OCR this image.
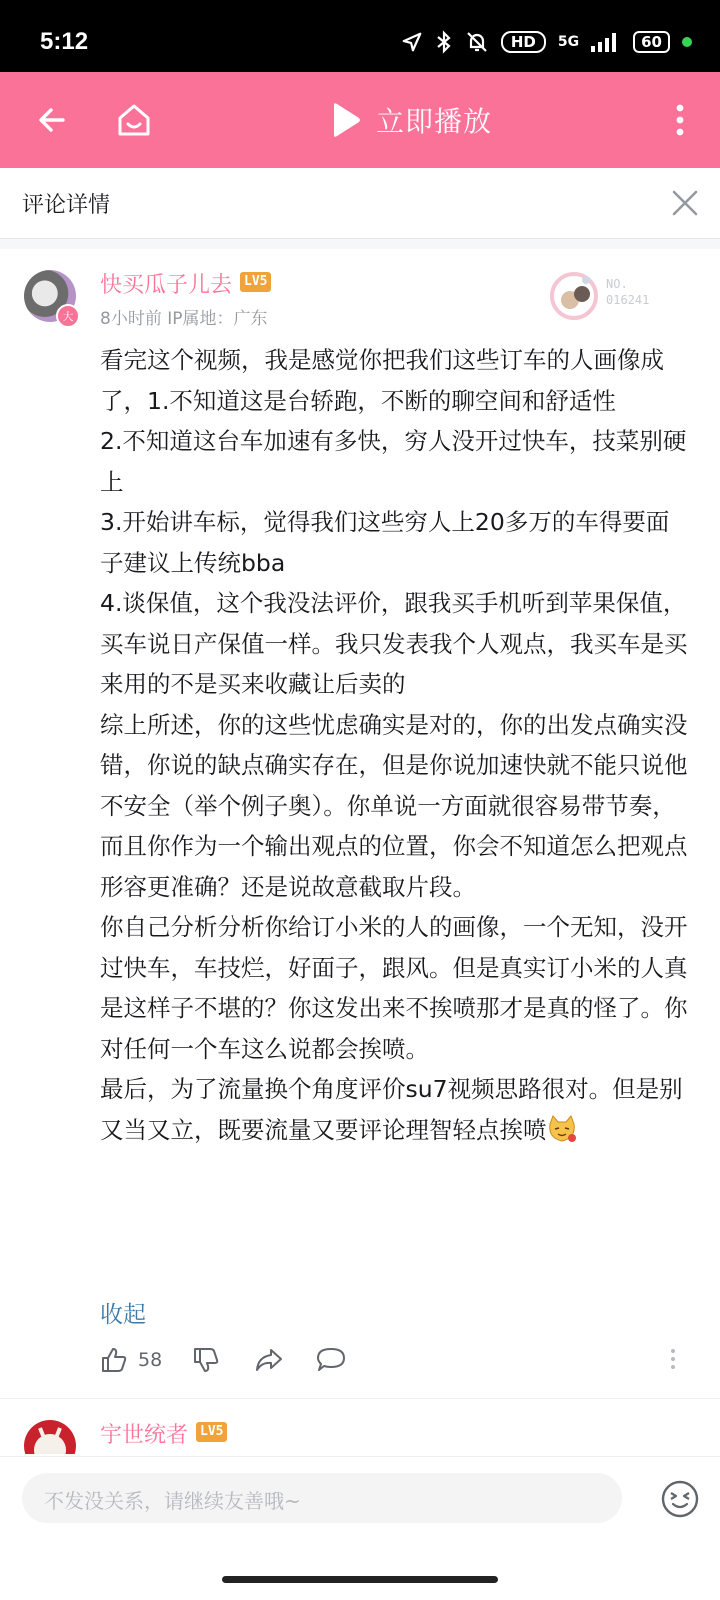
5:12	HD	5G	60
立即播放
评论详情
大
快买瓜子儿去 LV5
8小时前 IP属地：广东
NO.
016241

看完这个视频，我是感觉你把我们这些订车的人画像成了，1.不知道这是台轿跑，不断的聊空间和舒适性

2.不知道这台车加速有多快，穷人没开过快车，技菜别硬上

3.开始讲车标，觉得我们这些穷人上20多万的车得要面子建议上传统bba

4.谈保值，这个我没法评价，跟我买手机听到苹果保值，买车说日产保值一样。我只发表我个人观点，我买车是买来用的不是买来收藏让后卖的

综上所述，你的这些忧虑确实是对的，你的出发点确实没错，你说的缺点确实存在，但是你说加速快就不能只说他不安全（举个例子奥）。你单说一方面就很容易带节奏，而且你作为一个输出观点的位置，你会不知道怎么把观点形容更准确？还是说故意截取片段。

你自己分析分析你给订小米的人的画像，一个无知，没开过快车，车技烂，好面子，跟风。但是真实订小米的人真是这样子不堪的？你这发出来不挨喷那才是真的怪了。你对任何一个车这么说都会挨喷。

最后，为了流量换个角度评价su7视频思路很对。但是别又当又立，既要流量又要评论理智轻点挨喷

收起
58
宇世统者 LV5
不发没关系，请继续友善哦~
